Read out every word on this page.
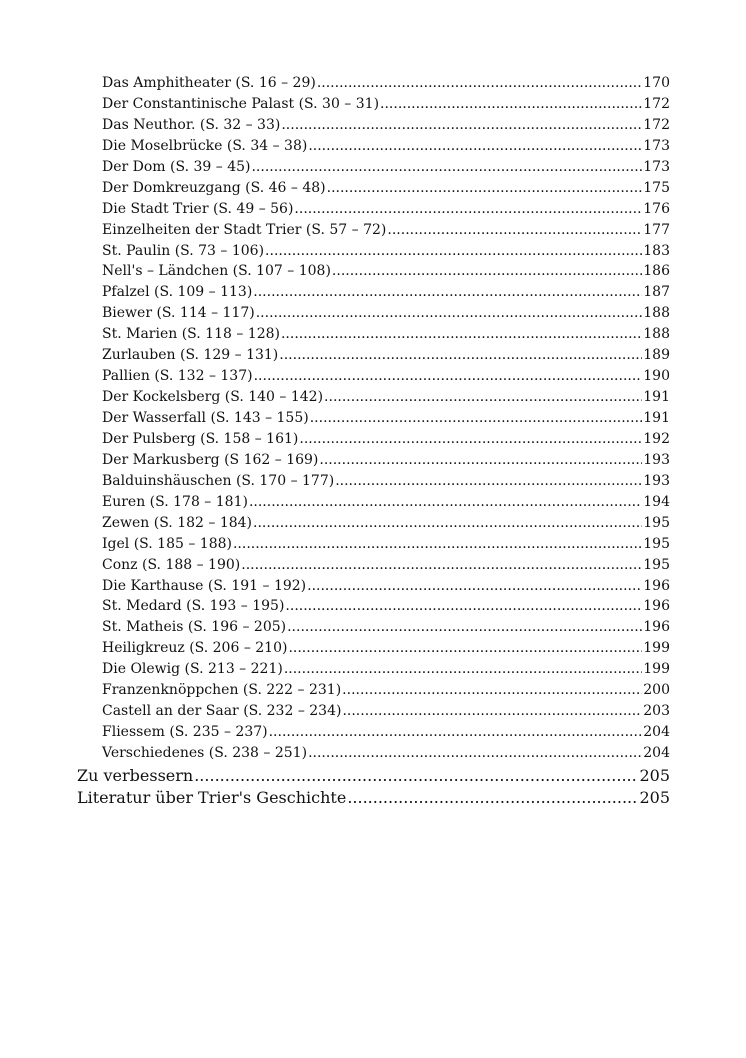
Das Amphitheater (S. 16 – 29) .....	170
Der Constantinische Palast (S. 30 – 31) .....	172
Das Neuthor. (S. 32 – 33) .....	172
Die Moselbrücke (S. 34 – 38) .....	173
Der Dom (S. 39 – 45) .....	173
Der Domkreuzgang (S. 46 – 48) .....	175
Die Stadt Trier (S. 49 – 56) .....	176
Einzelheiten der Stadt Trier (S. 57 – 72) .....	177
St. Paulin (S. 73 – 106) .....	183
Nell's – Ländchen (S. 107 – 108) .....	186
Pfalzel (S. 109 – 113) .....	187
Biewer (S. 114 – 117) .....	188
St. Marien (S. 118 – 128) .....	188
Zurlauben (S. 129 – 131) .....	189
Pallien (S. 132 – 137) .....	190
Der Kockelsberg (S. 140 – 142) .....	191
Der Wasserfall (S. 143 – 155) .....	191
Der Pulsberg (S. 158 – 161) .....	192
Der Markusberg (S 162 – 169) .....	193
Balduinshäuschen (S. 170 – 177) .....	193
Euren (S. 178 – 181) .....	194
Zewen (S. 182 – 184) .....	195
Igel (S. 185 – 188) .....	195
Conz (S. 188 – 190) .....	195
Die Karthause (S. 191 – 192) .....	196
St. Medard (S. 193 – 195) .....	196
St. Matheis (S. 196 – 205) .....	196
Heiligkreuz (S. 206 – 210) .....	199
Die Olewig (S. 213 – 221) .....	199
Franzenknöppchen (S. 222 – 231) .....	200
Castell an der Saar (S. 232 – 234) .....	203
Fliessem (S. 235 – 237) .....	204
Verschiedenes (S. 238 – 251) .....	204
Zu verbessern .....	205
Literatur über Trier's Geschichte .....	205
